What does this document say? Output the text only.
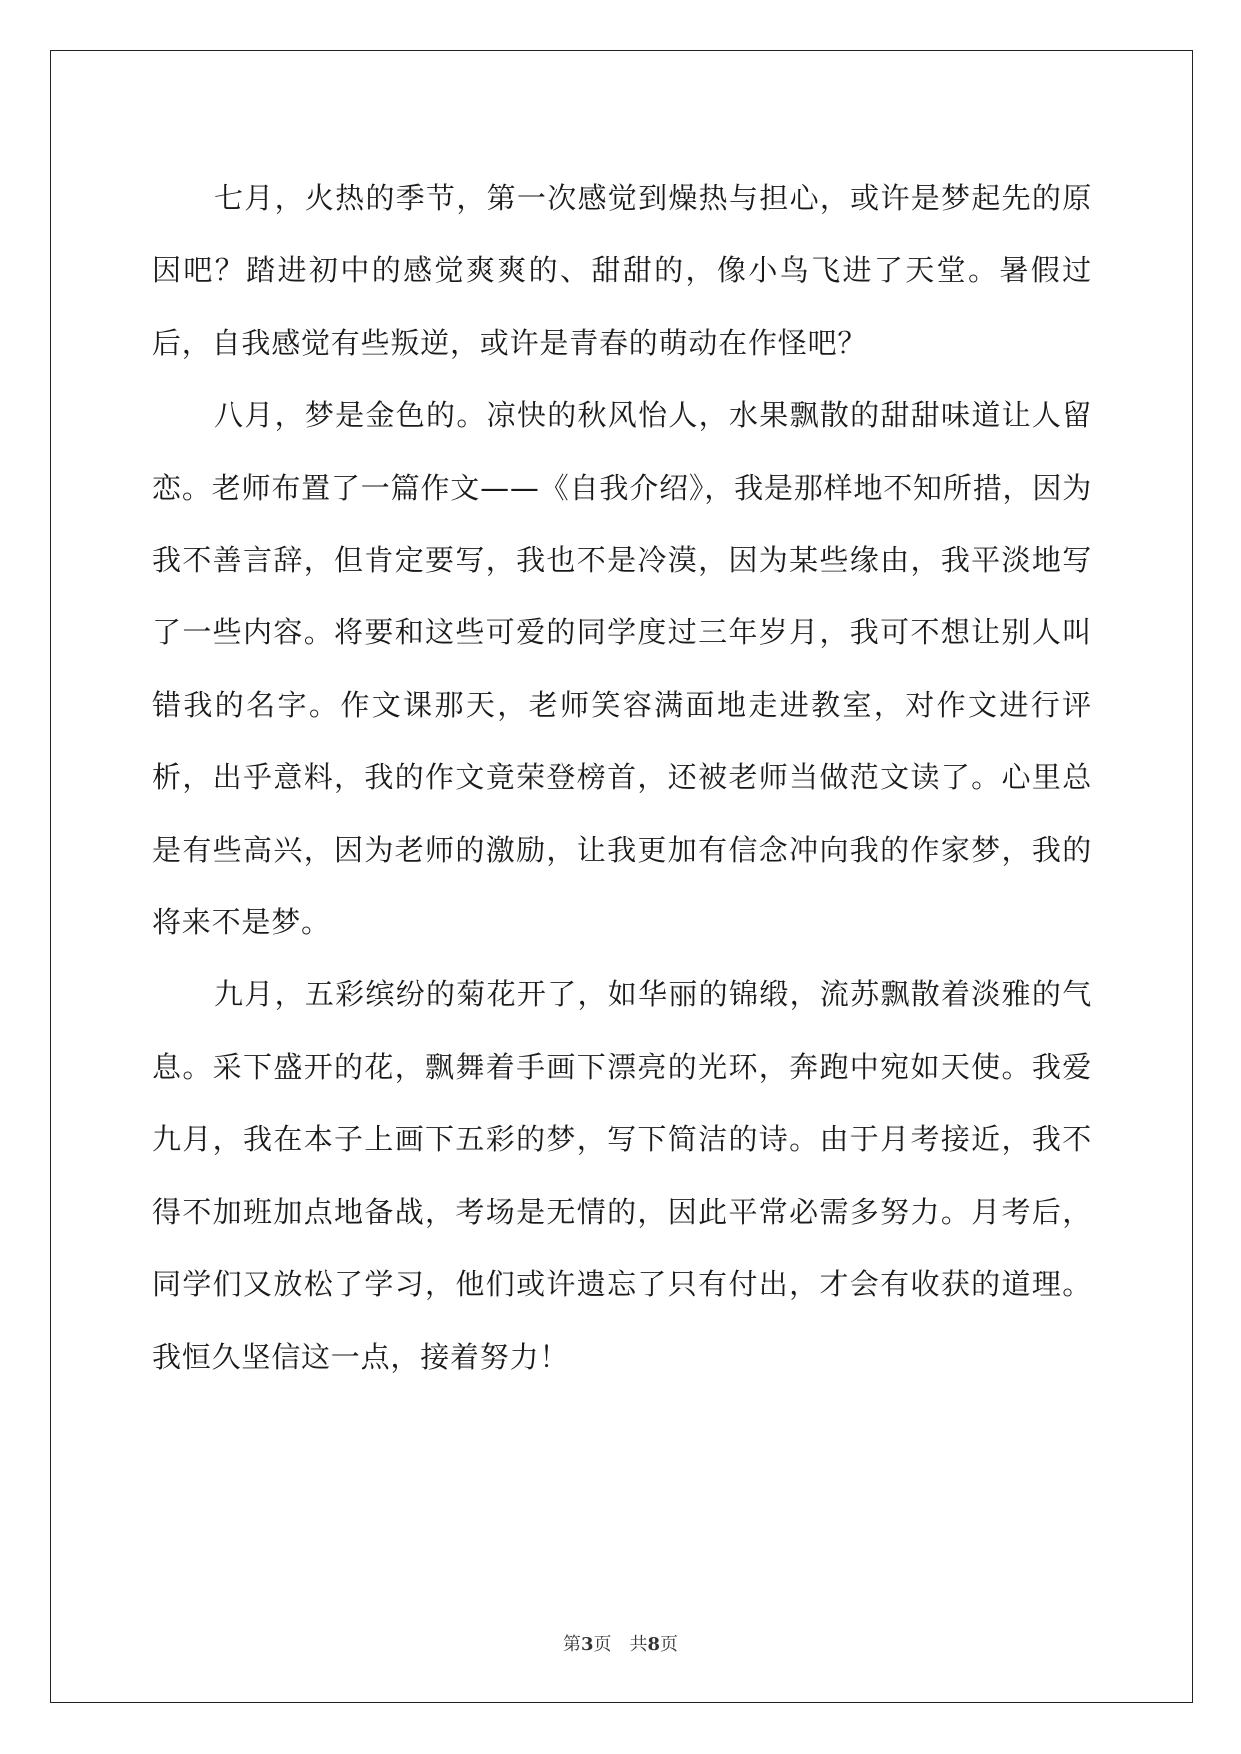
七月，火热的季节，第一次感觉到燥热与担心，或许是梦起先的原因吧？踏进初中的感觉爽爽的、甜甜的，像小鸟飞进了天堂。暑假过后，自我感觉有些叛逆，或许是青春的萌动在作怪吧？

八月，梦是金色的。凉快的秋风怡人，水果飘散的甜甜味道让人留恋。老师布置了一篇作文——《自我介绍》，我是那样地不知所措，因为我不善言辞，但肯定要写，我也不是冷漠，因为某些缘由，我平淡地写了一些内容。将要和这些可爱的同学度过三年岁月，我可不想让别人叫错我的名字。作文课那天，老师笑容满面地走进教室，对作文进行评析，出乎意料，我的作文竟荣登榜首，还被老师当做范文读了。心里总是有些高兴，因为老师的激励，让我更加有信念冲向我的作家梦，我的将来不是梦。

九月，五彩缤纷的菊花开了，如华丽的锦缎，流苏飘散着淡雅的气息。采下盛开的花，飘舞着手画下漂亮的光环，奔跑中宛如天使。我爱九月，我在本子上画下五彩的梦，写下简洁的诗。由于月考接近，我不得不加班加点地备战，考场是无情的，因此平常必需多努力。月考后，同学们又放松了学习，他们或许遗忘了只有付出，才会有收获的道理。我恒久坚信这一点，接着努力！

第3页 共8页
